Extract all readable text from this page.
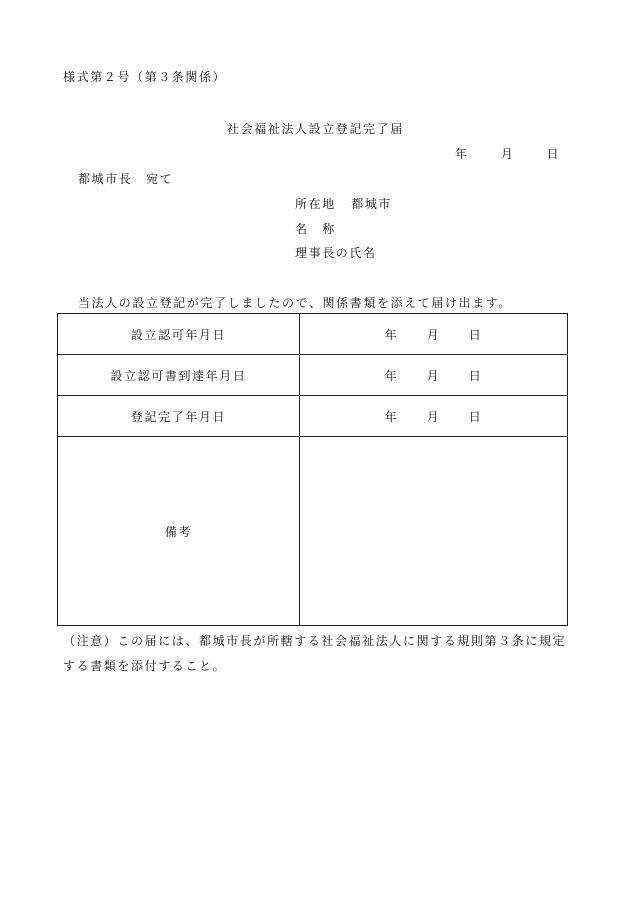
様式第２号（第３条関係）
社会福祉法人設立登記完了届
年	月	日
都城市長　宛て
所在地 都城市
名　称
理事長の氏名
当法人の設立登記が完了しましたので、関係書類を添えて届け出ます。
設立認可年月日	年 月 日
設立認可書到達年月日	年 月 日
登記完了年月日	年 月 日
備考	
（注意）この届には、都城市長が所轄する社会福祉法人に関する規則第３条に規定
する書類を添付すること。
